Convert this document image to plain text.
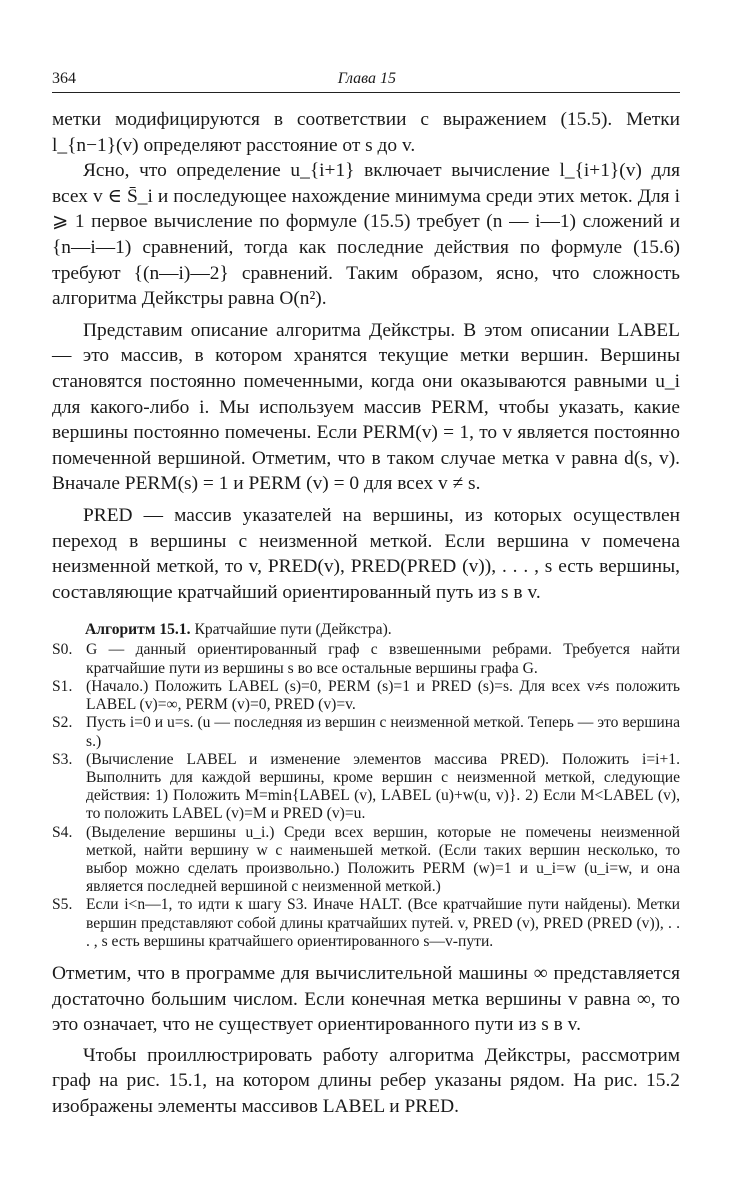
364	Глава 15

метки модифицируются в соответствии с выражением (15.5). Метки l_{n−1}(v) определяют расстояние от s до v.

Ясно, что определение u_{i+1} включает вычисление l_{i+1}(v) для всех v ∈ S̄_i и последующее нахождение минимума среди этих меток. Для i ⩾ 1 первое вычисление по формуле (15.5) требует (n — i—1) сложений и {n—i—1) сравнений, тогда как последние действия по формуле (15.6) требуют {(n—i)—2} сравнений. Таким образом, ясно, что сложность алгоритма Дейкстры равна O(n²).

Представим описание алгоритма Дейкстры. В этом описании LABEL — это массив, в котором хранятся текущие метки вершин. Вершины становятся постоянно помеченными, когда они оказываются равными u_i для какого-либо i. Мы используем массив PERM, чтобы указать, какие вершины постоянно помечены. Если PERM(v) = 1, то v является постоянно помеченной вершиной. Отметим, что в таком случае метка v равна d(s, v). Вначале PERM(s) = 1 и PERM (v) = 0 для всех v ≠ s.

PRED — массив указателей на вершины, из которых осуществлен переход в вершины с неизменной меткой. Если вершина v помечена неизменной меткой, то v, PRED(v), PRED(PRED (v)), . . . , s есть вершины, составляющие кратчайший ориентированный путь из s в v.

Алгоритм 15.1. Кратчайшие пути (Дейкстра).
S0. G — данный ориентированный граф с взвешенными ребрами. Требуется найти кратчайшие пути из вершины s во все остальные вершины графа G.
S1. (Начало.) Положить LABEL (s)=0, PERM (s)=1 и PRED (s)=s. Для всех v≠s положить LABEL (v)=∞, PERM (v)=0, PRED (v)=v.
S2. Пусть i=0 и u=s. (u — последняя из вершин с неизменной меткой. Теперь — это вершина s.)
S3. (Вычисление LABEL и изменение элементов массива PRED). Положить i=i+1. Выполнить для каждой вершины, кроме вершин с неизменной меткой, следующие действия: 1) Положить M=min{LABEL (v), LABEL (u)+w(u, v)}. 2) Если M<LABEL (v), то положить LABEL (v)=M и PRED (v)=u.
S4. (Выделение вершины u_i.) Среди всех вершин, которые не помечены неизменной меткой, найти вершину w с наименьшей меткой. (Если таких вершин несколько, то выбор можно сделать произвольно.) Положить PERM (w)=1 и u_i=w (u_i=w, и она является последней вершиной с неизменной меткой.)
S5. Если i<n—1, то идти к шагу S3. Иначе HALT. (Все кратчайшие пути найдены). Метки вершин представляют собой длины кратчайших путей. v, PRED (v), PRED (PRED (v)), . . . , s есть вершины кратчайшего ориентированного s—v-пути.

Отметим, что в программе для вычислительной машины ∞ представляется достаточно большим числом. Если конечная метка вершины v равна ∞, то это означает, что не существует ориентированного пути из s в v.

Чтобы проиллюстрировать работу алгоритма Дейкстры, рассмотрим граф на рис. 15.1, на котором длины ребер указаны рядом. На рис. 15.2 изображены элементы массивов LABEL и PRED.
